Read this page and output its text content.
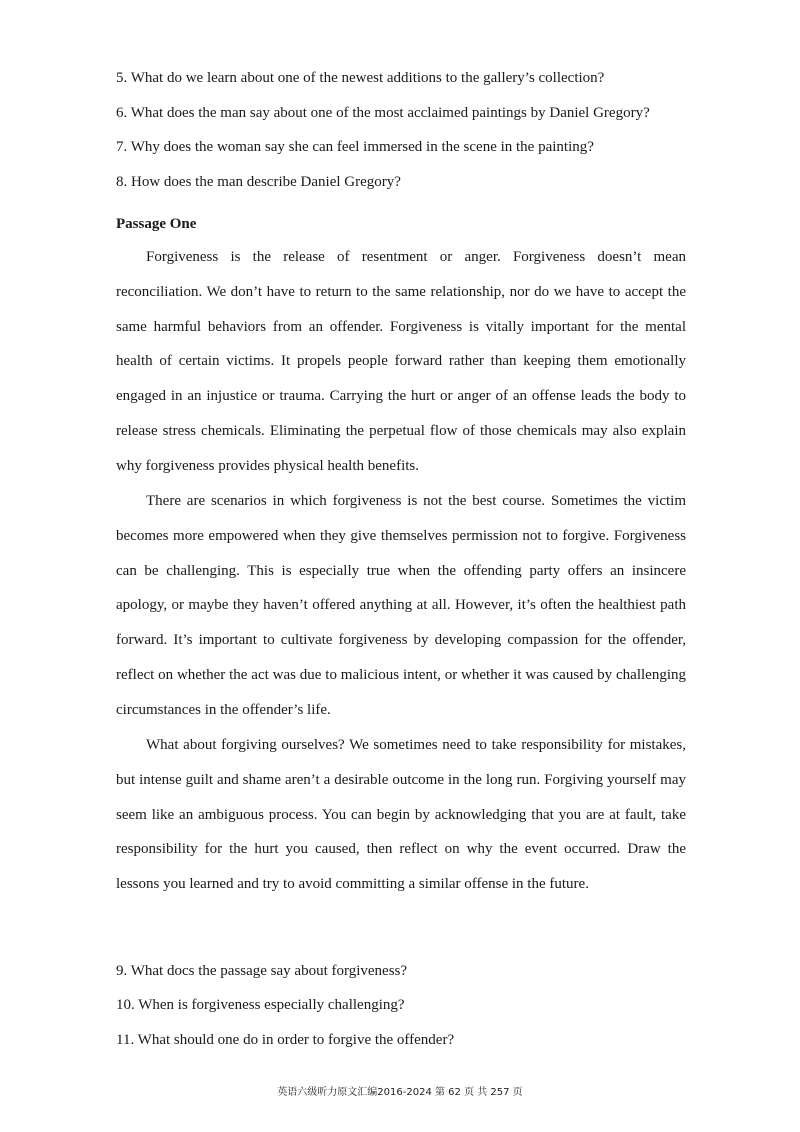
5. What do we learn about one of the newest additions to the gallery’s collection?
6. What does the man say about one of the most acclaimed paintings by Daniel Gregory?
7. Why does the woman say she can feel immersed in the scene in the painting?
8. How does the man describe Daniel Gregory?
Passage One

Forgiveness is the release of resentment or anger. Forgiveness doesn’t mean reconciliation. We don’t have to return to the same relationship, nor do we have to accept the same harmful behaviors from an offender. Forgiveness is vitally important for the mental health of certain victims. It propels people forward rather than keeping them emotionally engaged in an injustice or trauma. Carrying the hurt or anger of an offense leads the body to release stress chemicals. Eliminating the perpetual flow of those chemicals may also explain why forgiveness provides physical health benefits.

There are scenarios in which forgiveness is not the best course. Sometimes the victim becomes more empowered when they give themselves permission not to forgive. Forgiveness can be challenging. This is especially true when the offending party offers an insincere apology, or maybe they haven’t offered anything at all. However, it’s often the healthiest path forward. It’s important to cultivate forgiveness by developing compassion for the offender, reflect on whether the act was due to malicious intent, or whether it was caused by challenging circumstances in the offender’s life.

What about forgiving ourselves? We sometimes need to take responsibility for mistakes, but intense guilt and shame aren’t a desirable outcome in the long run. Forgiving yourself may seem like an ambiguous process. You can begin by acknowledging that you are at fault, take responsibility for the hurt you caused, then reflect on why the event occurred. Draw the lessons you learned and try to avoid committing a similar offense in the future.

9. What docs the passage say about forgiveness?
10. When is forgiveness especially challenging?
11. What should one do in order to forgive the offender?
英语六级听力原文汇编2016-2024 第 62 页 共 257 页
